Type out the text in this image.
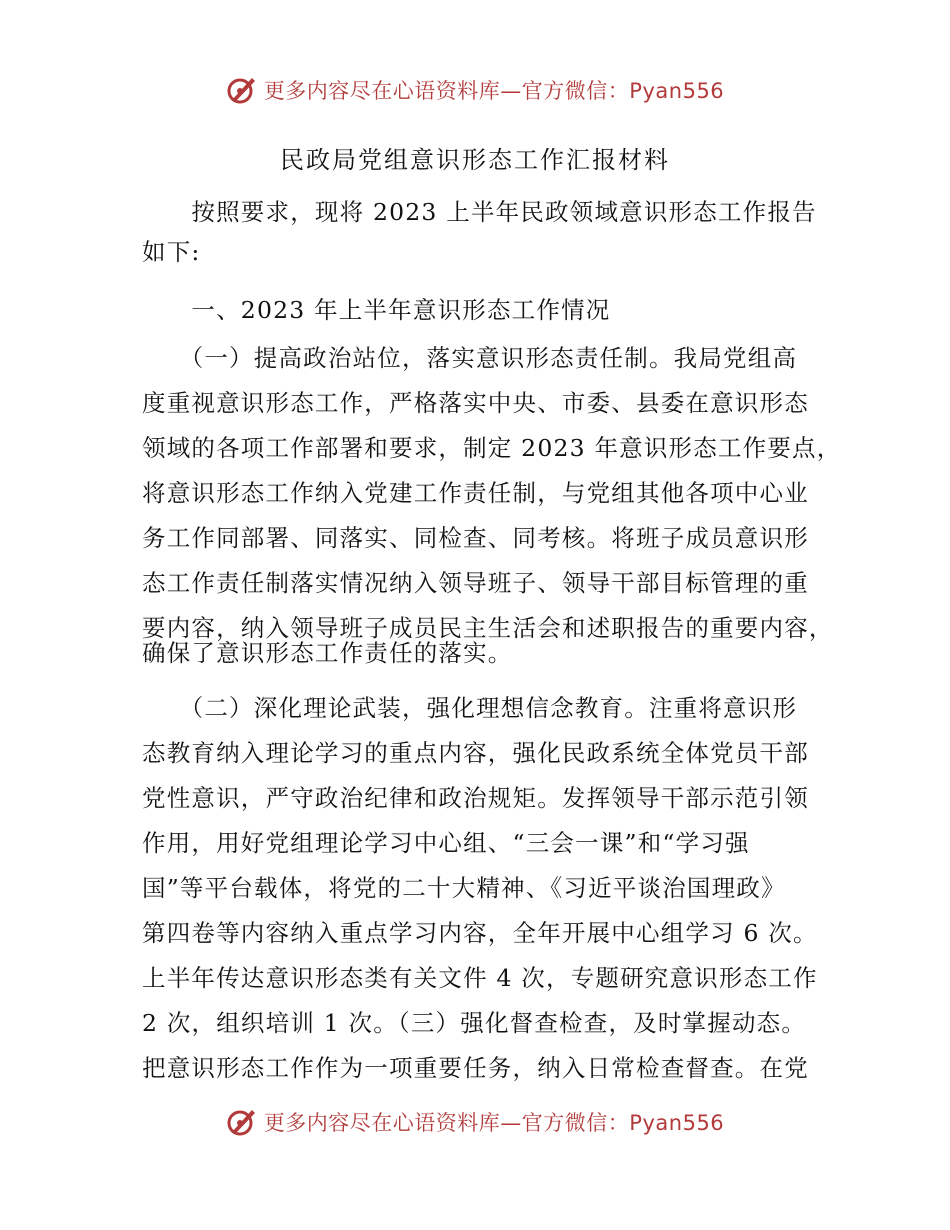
更多内容尽在心语资料库—官方微信：Pyan556
民政局党组意识形态工作汇报材料
　　按照要求，现将 2023 上半年民政领域意识形态工作报告
如下:
　　一、2023 年上半年意识形态工作情况
　　（一）提高政治站位，落实意识形态责任制。我局党组高
度重视意识形态工作，严格落实中央、市委、县委在意识形态
领域的各项工作部署和要求，制定 2023 年意识形态工作要点，
将意识形态工作纳入党建工作责任制，与党组其他各项中心业
务工作同部署、同落实、同检查、同考核。将班子成员意识形
态工作责任制落实情况纳入领导班子、领导干部目标管理的重
要内容，纳入领导班子成员民主生活会和述职报告的重要内容，
确保了意识形态工作责任的落实。
　　（二）深化理论武装，强化理想信念教育。注重将意识形
态教育纳入理论学习的重点内容，强化民政系统全体党员干部
党性意识，严守政治纪律和政治规矩。发挥领导干部示范引领
作用，用好党组理论学习中心组、“三会一课”和“学习强
国”等平台载体，将党的二十大精神、《习近平谈治国理政》
第四卷等内容纳入重点学习内容，全年开展中心组学习 6 次。
上半年传达意识形态类有关文件 4 次，专题研究意识形态工作
2 次，组织培训 1 次。（三）强化督查检查，及时掌握动态。
把意识形态工作作为一项重要任务，纳入日常检查督查。在党
更多内容尽在心语资料库—官方微信：Pyan556
